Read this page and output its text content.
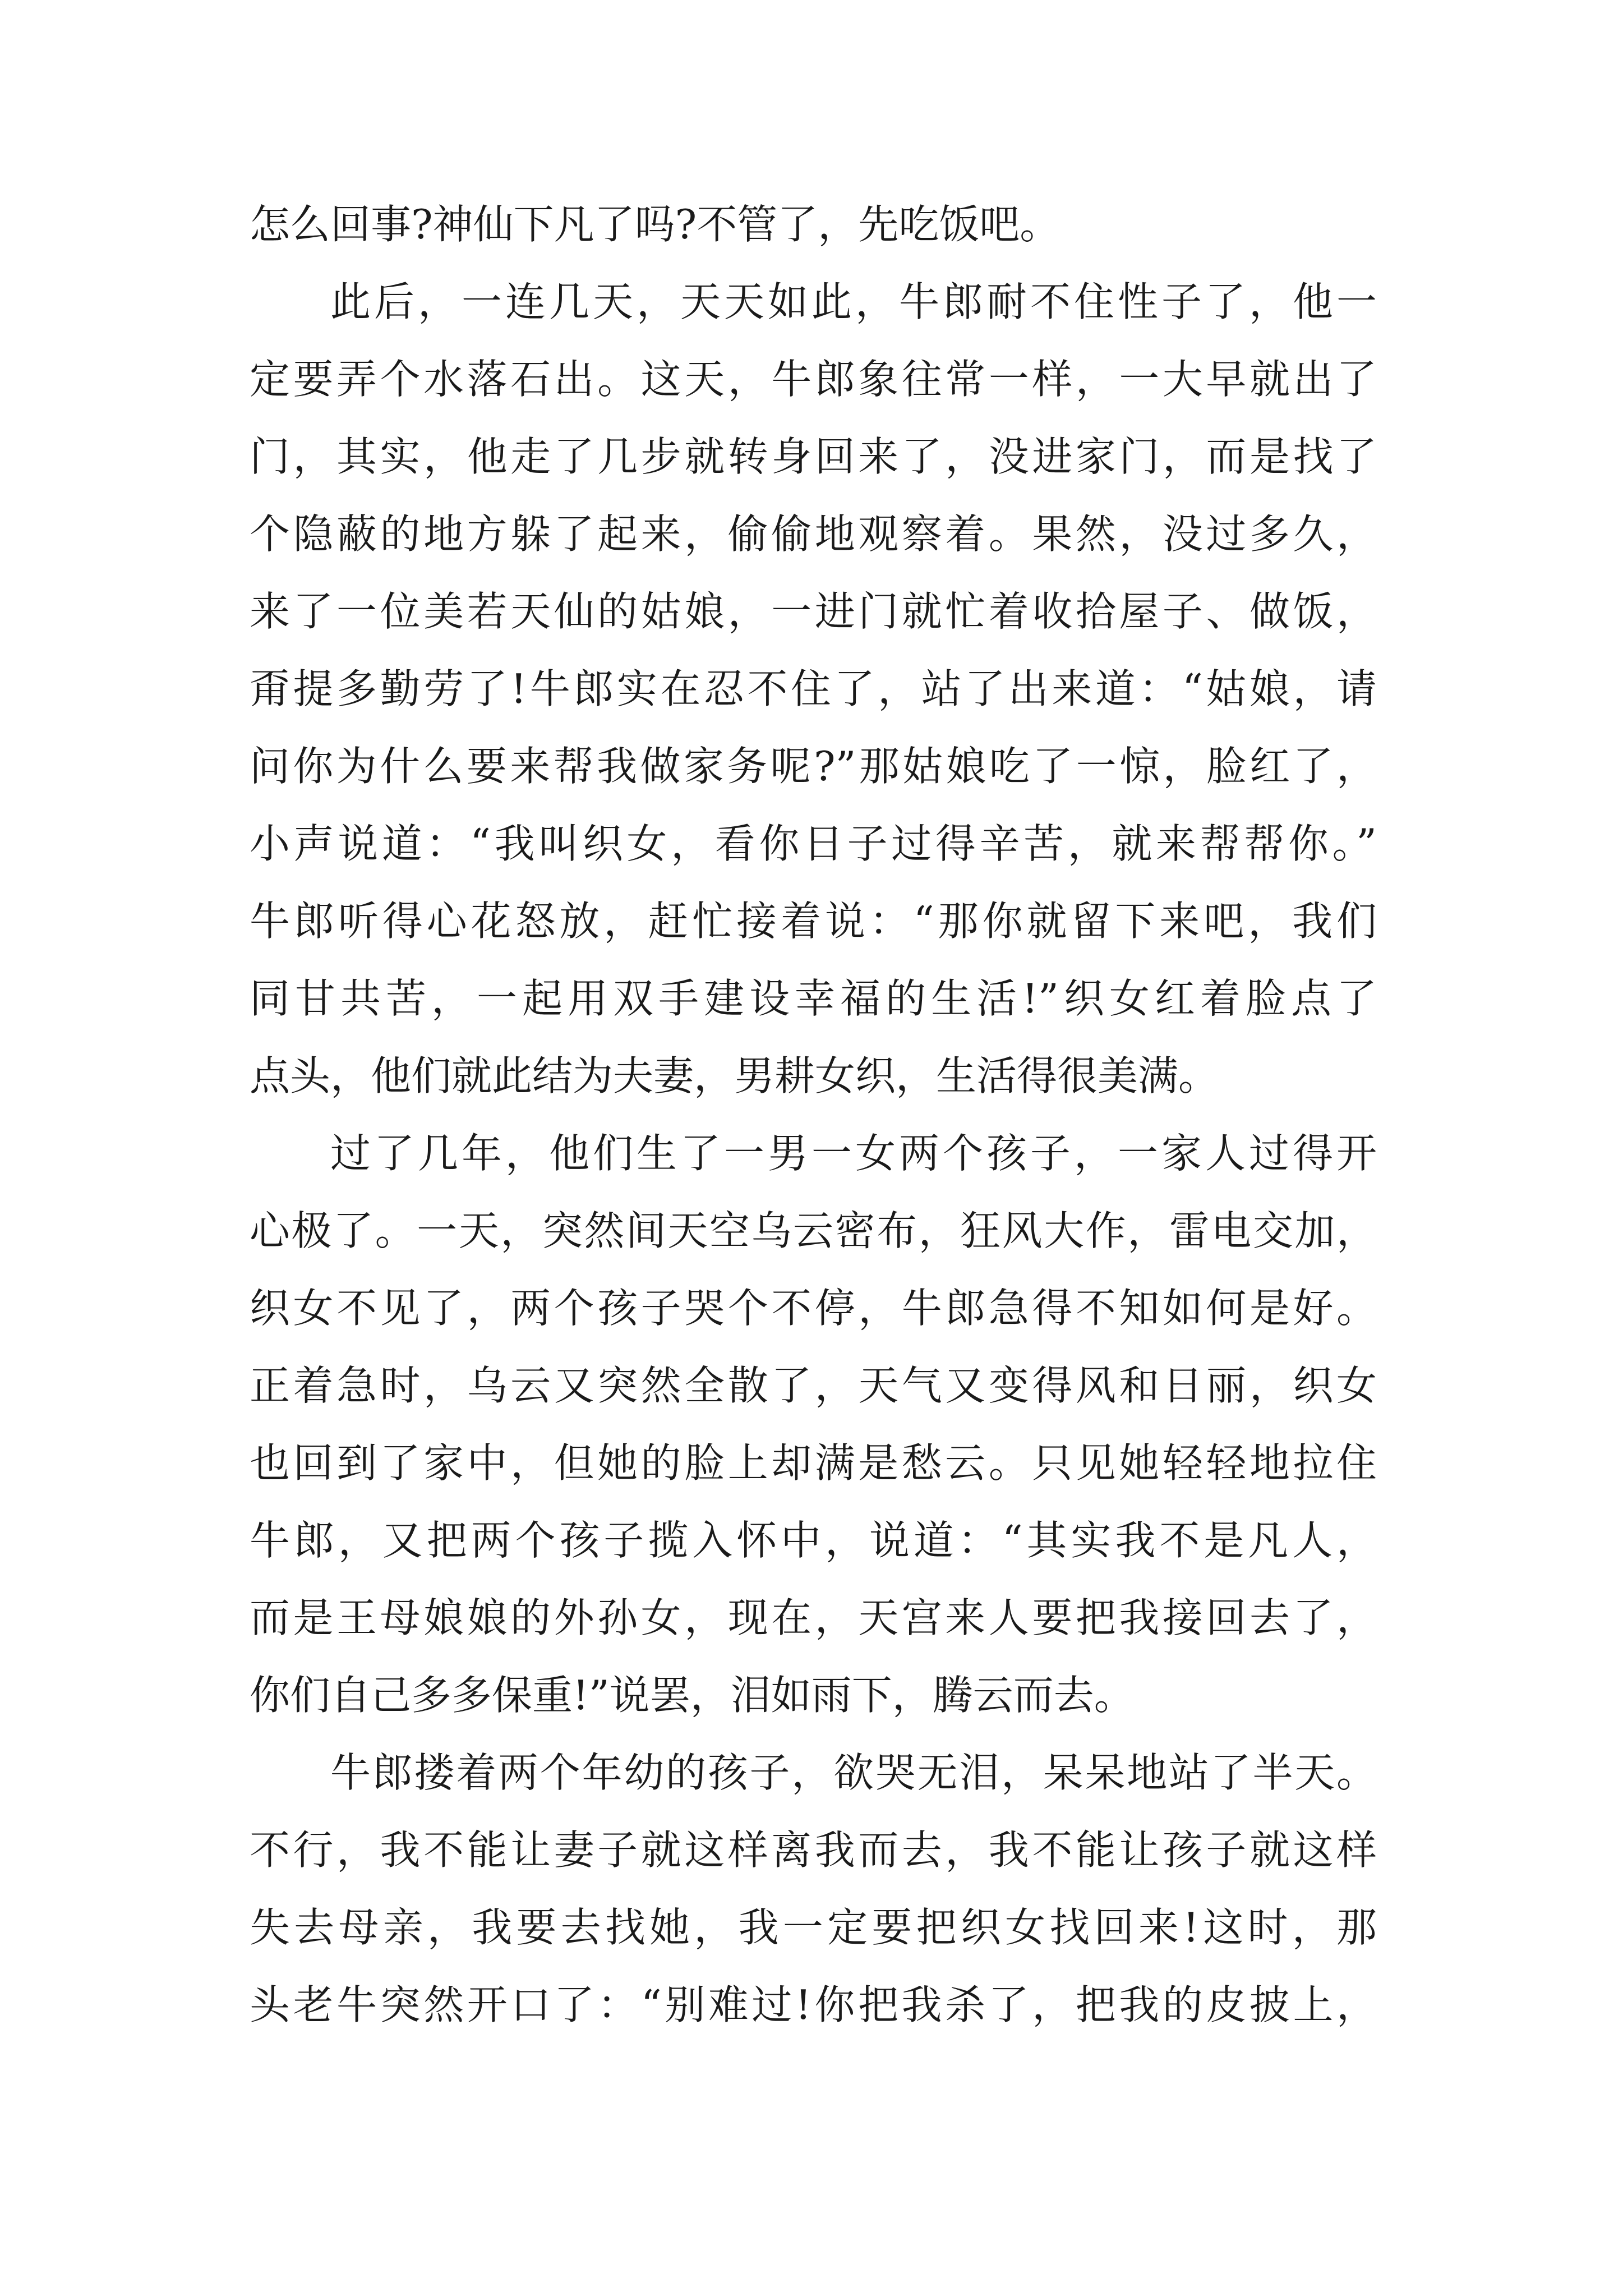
怎么回事?神仙下凡了吗?不管了，先吃饭吧。
此后，一连几天，天天如此，牛郎耐不住性子了，他一
定要弄个水落石出。这天，牛郎象往常一样，一大早就出了
门，其实，他走了几步就转身回来了，没进家门，而是找了
个隐蔽的地方躲了起来，偷偷地观察着。果然，没过多久，
来了一位美若天仙的姑娘，一进门就忙着收拾屋子、做饭，
甭提多勤劳了!牛郎实在忍不住了，站了出来道：“姑娘，请
问你为什么要来帮我做家务呢?”那姑娘吃了一惊，脸红了，
小声说道：“我叫织女，看你日子过得辛苦，就来帮帮你。”
牛郎听得心花怒放，赶忙接着说：“那你就留下来吧，我们
同甘共苦，一起用双手建设幸福的生活!”织女红着脸点了
点头，他们就此结为夫妻，男耕女织，生活得很美满。
过了几年，他们生了一男一女两个孩子，一家人过得开
心极了。一天，突然间天空乌云密布，狂风大作，雷电交加，
织女不见了，两个孩子哭个不停，牛郎急得不知如何是好。
正着急时，乌云又突然全散了，天气又变得风和日丽，织女
也回到了家中，但她的脸上却满是愁云。只见她轻轻地拉住
牛郎，又把两个孩子揽入怀中，说道：“其实我不是凡人，
而是王母娘娘的外孙女，现在，天宫来人要把我接回去了，
你们自己多多保重!”说罢，泪如雨下，腾云而去。
牛郎搂着两个年幼的孩子，欲哭无泪，呆呆地站了半天。
不行，我不能让妻子就这样离我而去，我不能让孩子就这样
失去母亲，我要去找她，我一定要把织女找回来!这时，那
头老牛突然开口了：“别难过!你把我杀了，把我的皮披上，
